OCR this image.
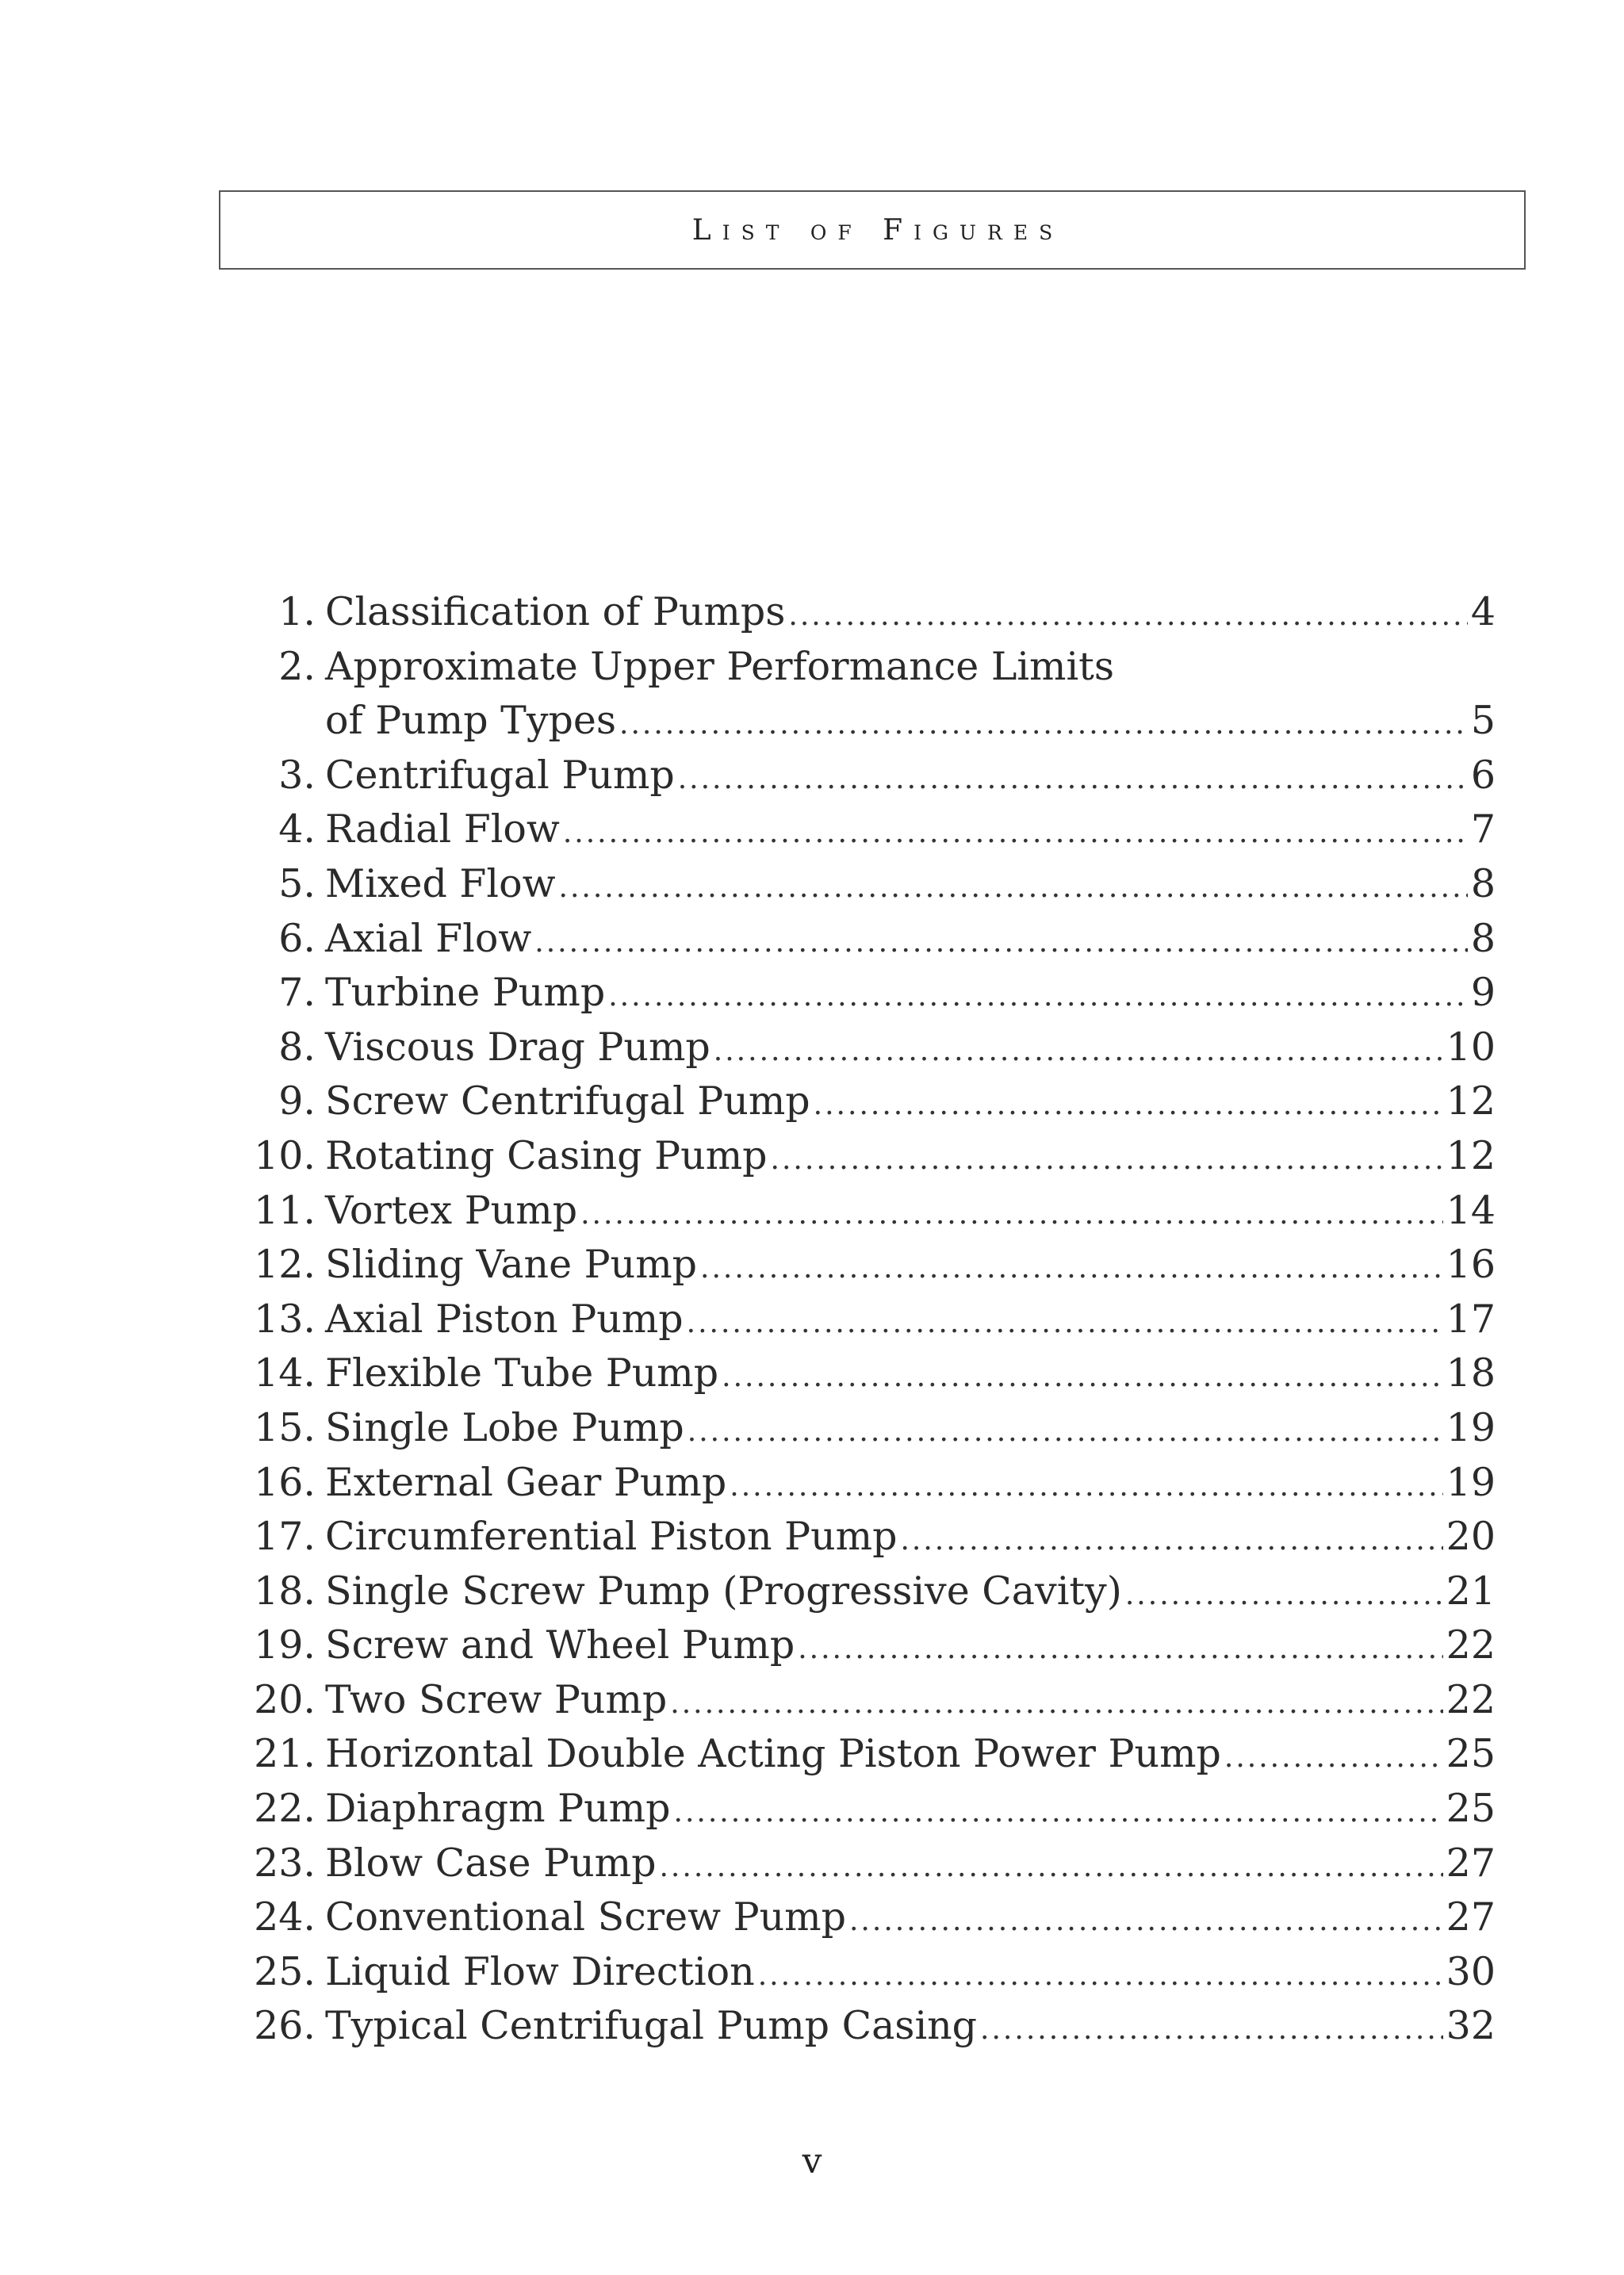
List of Figures
1. Classification of Pumps .....	4
2. Approximate Upper Performance Limits
of Pump Types .....	5
3. Centrifugal Pump .....	6
4. Radial Flow .....	7
5. Mixed Flow .....	8
6. Axial Flow .....	8
7. Turbine Pump .....	9
8. Viscous Drag Pump .....	10
9. Screw Centrifugal Pump .....	12
10. Rotating Casing Pump .....	12
11. Vortex Pump .....	14
12. Sliding Vane Pump .....	16
13. Axial Piston Pump .....	17
14. Flexible Tube Pump .....	18
15. Single Lobe Pump .....	19
16. External Gear Pump .....	19
17. Circumferential Piston Pump .....	20
18. Single Screw Pump (Progressive Cavity) .....	21
19. Screw and Wheel Pump .....	22
20. Two Screw Pump .....	22
21. Horizontal Double Acting Piston Power Pump .....	25
22. Diaphragm Pump .....	25
23. Blow Case Pump .....	27
24. Conventional Screw Pump .....	27
25. Liquid Flow Direction .....	30
26. Typical Centrifugal Pump Casing .....	32
v
